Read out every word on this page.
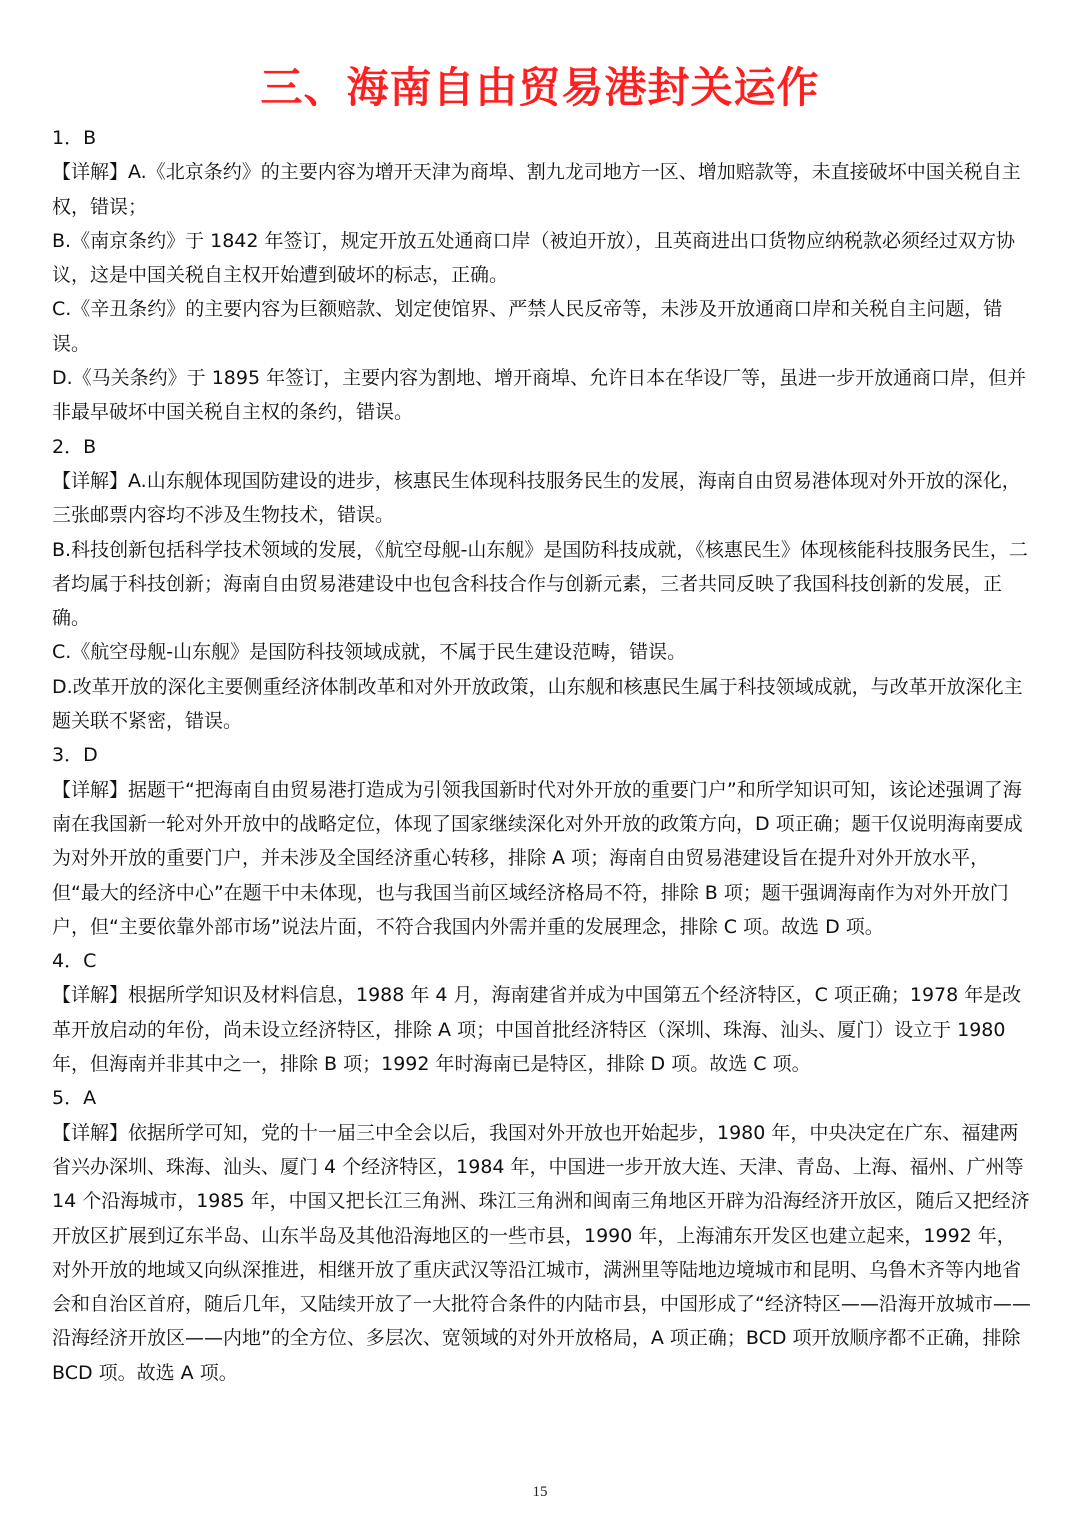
三、海南自由贸易港封关运作
1．B
【详解】A.《北京条约》的主要内容为增开天津为商埠、割九龙司地方一区、增加赔款等，未直接破坏中国关税自主权，错误；
B.《南京条约》于 1842 年签订，规定开放五处通商口岸（被迫开放），且英商进出口货物应纳税款必须经过双方协议，这是中国关税自主权开始遭到破坏的标志，正确。
C.《辛丑条约》的主要内容为巨额赔款、划定使馆界、严禁人民反帝等，未涉及开放通商口岸和关税自主问题，错误。
D.《马关条约》于 1895 年签订，主要内容为割地、增开商埠、允许日本在华设厂等，虽进一步开放通商口岸，但并非最早破坏中国关税自主权的条约，错误。
2．B
【详解】A.山东舰体现国防建设的进步，核惠民生体现科技服务民生的发展，海南自由贸易港体现对外开放的深化，三张邮票内容均不涉及生物技术，错误。
B.科技创新包括科学技术领域的发展，《航空母舰-山东舰》是国防科技成就，《核惠民生》体现核能科技服务民生，二者均属于科技创新；海南自由贸易港建设中也包含科技合作与创新元素，三者共同反映了我国科技创新的发展，正确。
C.《航空母舰-山东舰》是国防科技领域成就，不属于民生建设范畴，错误。
D.改革开放的深化主要侧重经济体制改革和对外开放政策，山东舰和核惠民生属于科技领域成就，与改革开放深化主题关联不紧密，错误。
3．D
【详解】据题干“把海南自由贸易港打造成为引领我国新时代对外开放的重要门户”和所学知识可知，该论述强调了海南在我国新一轮对外开放中的战略定位，体现了国家继续深化对外开放的政策方向，D 项正确；题干仅说明海南要成为对外开放的重要门户，并未涉及全国经济重心转移，排除 A 项；海南自由贸易港建设旨在提升对外开放水平，但“最大的经济中心”在题干中未体现，也与我国当前区域经济格局不符，排除 B 项；题干强调海南作为对外开放门户，但“主要依靠外部市场”说法片面，不符合我国内外需并重的发展理念，排除 C 项。故选 D 项。
4．C
【详解】根据所学知识及材料信息，1988 年 4 月，海南建省并成为中国第五个经济特区，C 项正确；1978 年是改革开放启动的年份，尚未设立经济特区，排除 A 项；中国首批经济特区（深圳、珠海、汕头、厦门）设立于 1980 年，但海南并非其中之一，排除 B 项；1992 年时海南已是特区，排除 D 项。故选 C 项。
5．A
【详解】依据所学可知，党的十一届三中全会以后，我国对外开放也开始起步，1980 年，中央决定在广东、福建两省兴办深圳、珠海、汕头、厦门 4 个经济特区，1984 年，中国进一步开放大连、天津、青岛、上海、福州、广州等 14 个沿海城市，1985 年，中国又把长江三角洲、珠江三角洲和闽南三角地区开辟为沿海经济开放区，随后又把经济开放区扩展到辽东半岛、山东半岛及其他沿海地区的一些市县，1990 年，上海浦东开发区也建立起来，1992 年，对外开放的地域又向纵深推进，相继开放了重庆武汉等沿江城市，满洲里等陆地边境城市和昆明、乌鲁木齐等内地省会和自治区首府，随后几年，又陆续开放了一大批符合条件的内陆市县，中国形成了“经济特区——沿海开放城市——沿海经济开放区——内地”的全方位、多层次、宽领域的对外开放格局，A 项正确；BCD 项开放顺序都不正确，排除 BCD 项。故选 A 项。
15
